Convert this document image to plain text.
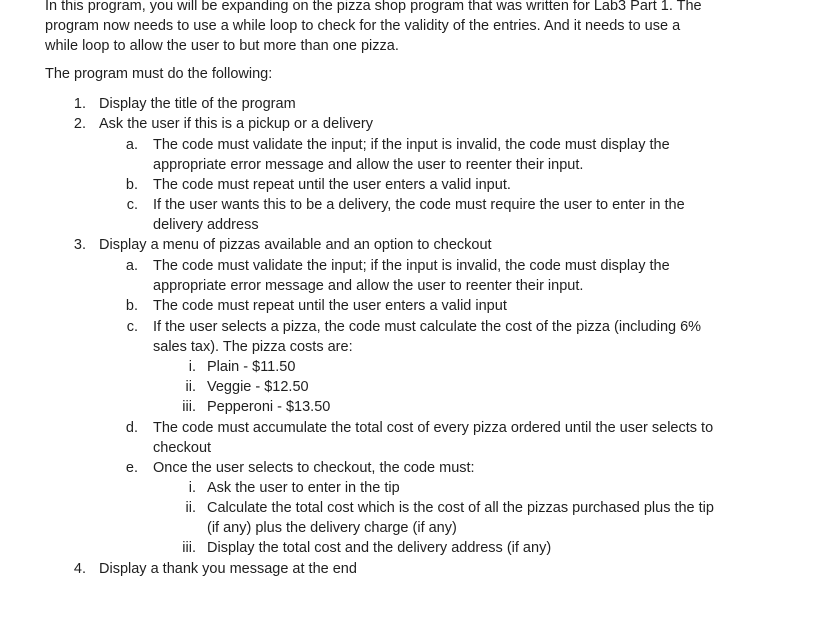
In this program, you will be expanding on the pizza shop program that was written for Lab3 Part 1. The
program now needs to use a while loop to check for the validity of the entries. And it needs to use a
while loop to allow the user to but more than one pizza.
The program must do the following:
1. Display the title of the program
2. Ask the user if this is a pickup or a delivery
a. The code must validate the input; if the input is invalid, the code must display the
appropriate error message and allow the user to reenter their input.
b. The code must repeat until the user enters a valid input.
c. If the user wants this to be a delivery, the code must require the user to enter in the
delivery address
3. Display a menu of pizzas available and an option to checkout
a. The code must validate the input; if the input is invalid, the code must display the
appropriate error message and allow the user to reenter their input.
b. The code must repeat until the user enters a valid input
c. If the user selects a pizza, the code must calculate the cost of the pizza (including 6%
sales tax). The pizza costs are:
i. Plain - $11.50
ii. Veggie - $12.50
iii. Pepperoni - $13.50
d. The code must accumulate the total cost of every pizza ordered until the user selects to
checkout
e. Once the user selects to checkout, the code must:
i. Ask the user to enter in the tip
ii. Calculate the total cost which is the cost of all the pizzas purchased plus the tip
(if any) plus the delivery charge (if any)
iii. Display the total cost and the delivery address (if any)
4. Display a thank you message at the end
